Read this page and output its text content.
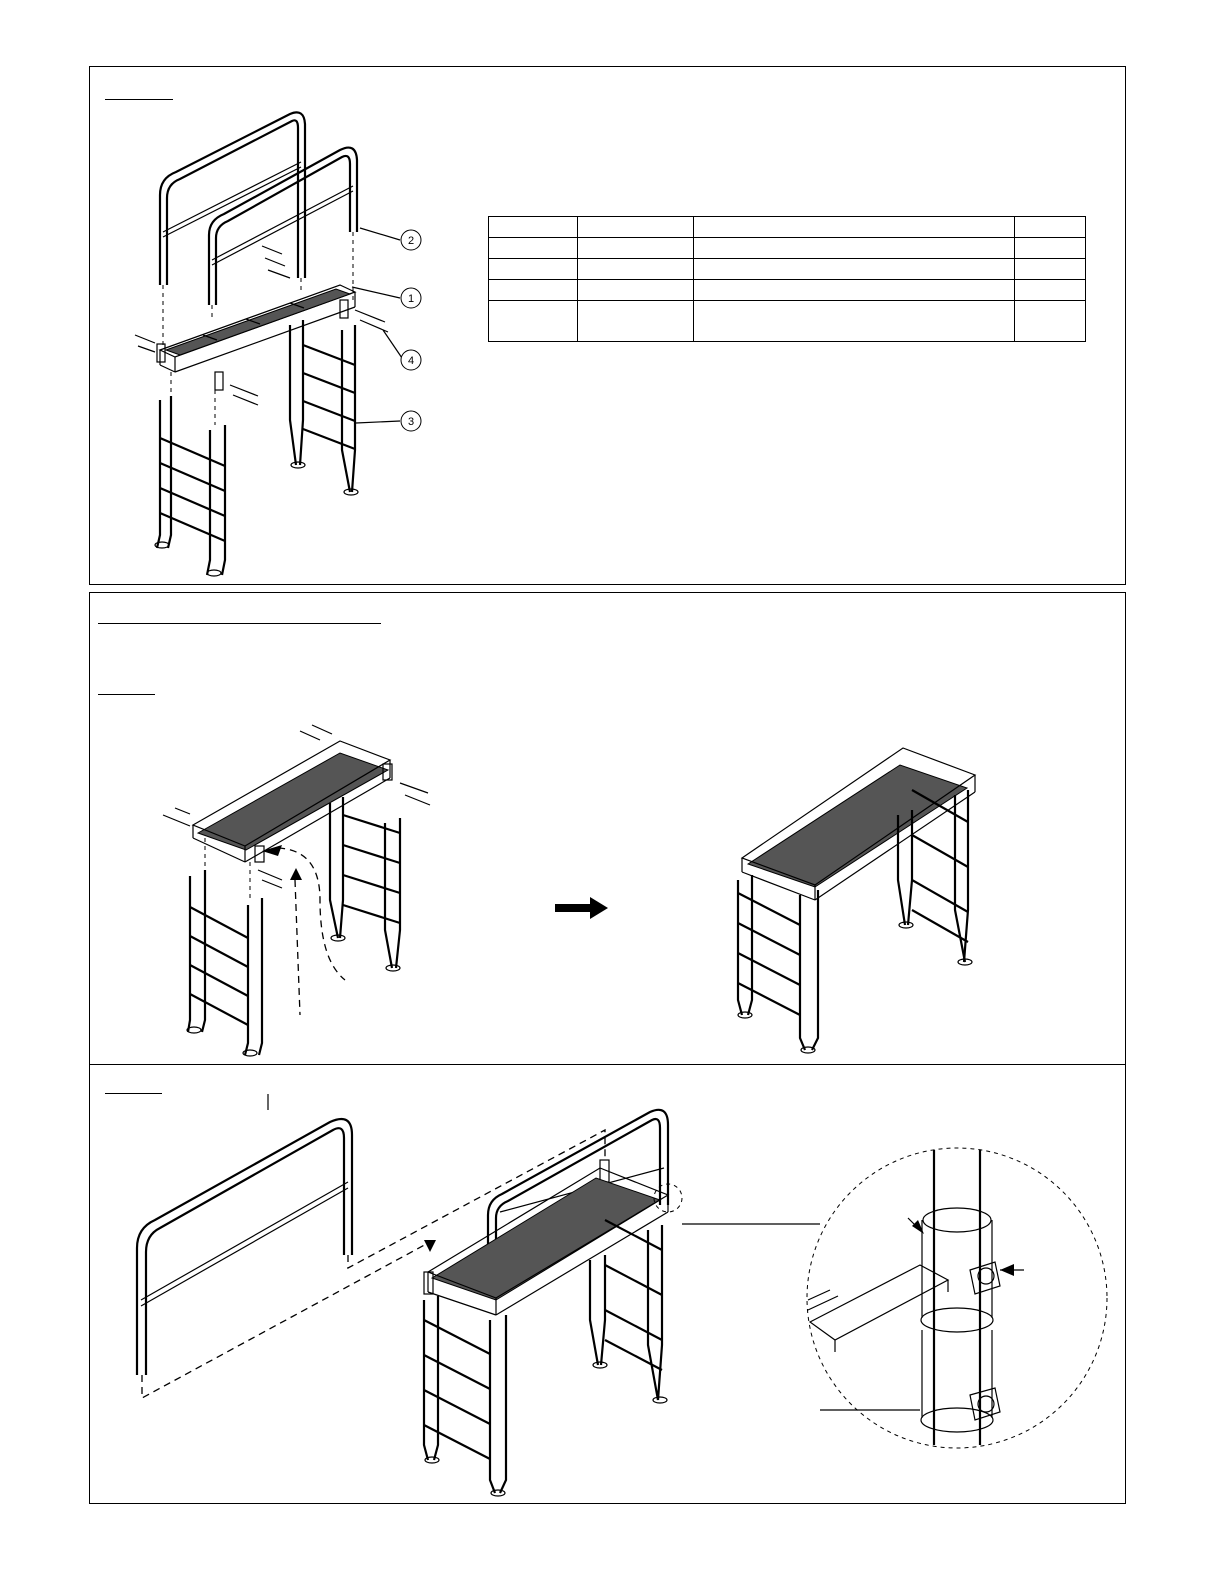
2
1
4
3
